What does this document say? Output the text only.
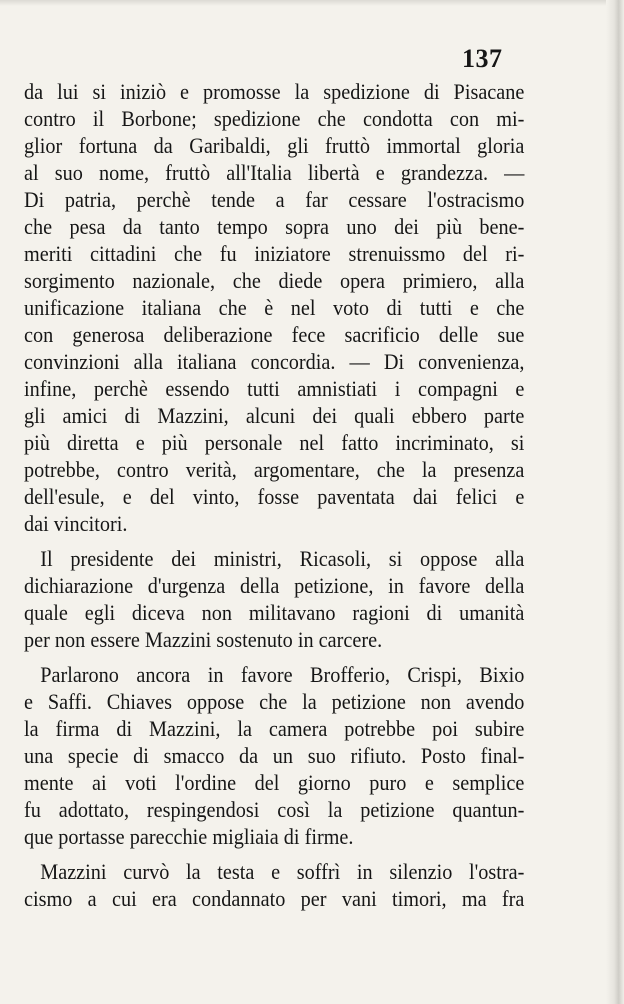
137
da lui si iniziò e promosse la spedizione di Pisacane
contro il Borbone; spedizione che condotta con mi-
glior fortuna da Garibaldi, gli fruttò immortal gloria
al suo nome, fruttò all'Italia libertà e grandezza. —
Di patria, perchè tende a far cessare l'ostracismo
che pesa da tanto tempo sopra uno dei più bene-
meriti cittadini che fu iniziatore strenuissmo del ri-
sorgimento nazionale, che diede opera primiero, alla
unificazione italiana che è nel voto di tutti e che
con generosa deliberazione fece sacrificio delle sue
convinzioni alla italiana concordia. — Di convenienza,
infine, perchè essendo tutti amnistiati i compagni e
gli amici di Mazzini, alcuni dei quali ebbero parte
più diretta e più personale nel fatto incriminato, si
potrebbe, contro verità, argomentare, che la presenza
dell'esule, e del vinto, fosse paventata dai felici e
dai vincitori.
Il presidente dei ministri, Ricasoli, si oppose alla
dichiarazione d'urgenza della petizione, in favore della
quale egli diceva non militavano ragioni di umanità
per non essere Mazzini sostenuto in carcere.
Parlarono ancora in favore Brofferio, Crispi, Bixio
e Saffi. Chiaves oppose che la petizione non avendo
la firma di Mazzini, la camera potrebbe poi subire
una specie di smacco da un suo rifiuto. Posto final-
mente ai voti l'ordine del giorno puro e semplice
fu adottato, respingendosi così la petizione quantun-
que portasse parecchie migliaia di firme.
Mazzini curvò la testa e soffrì in silenzio l'ostra-
cismo a cui era condannato per vani timori, ma fra
